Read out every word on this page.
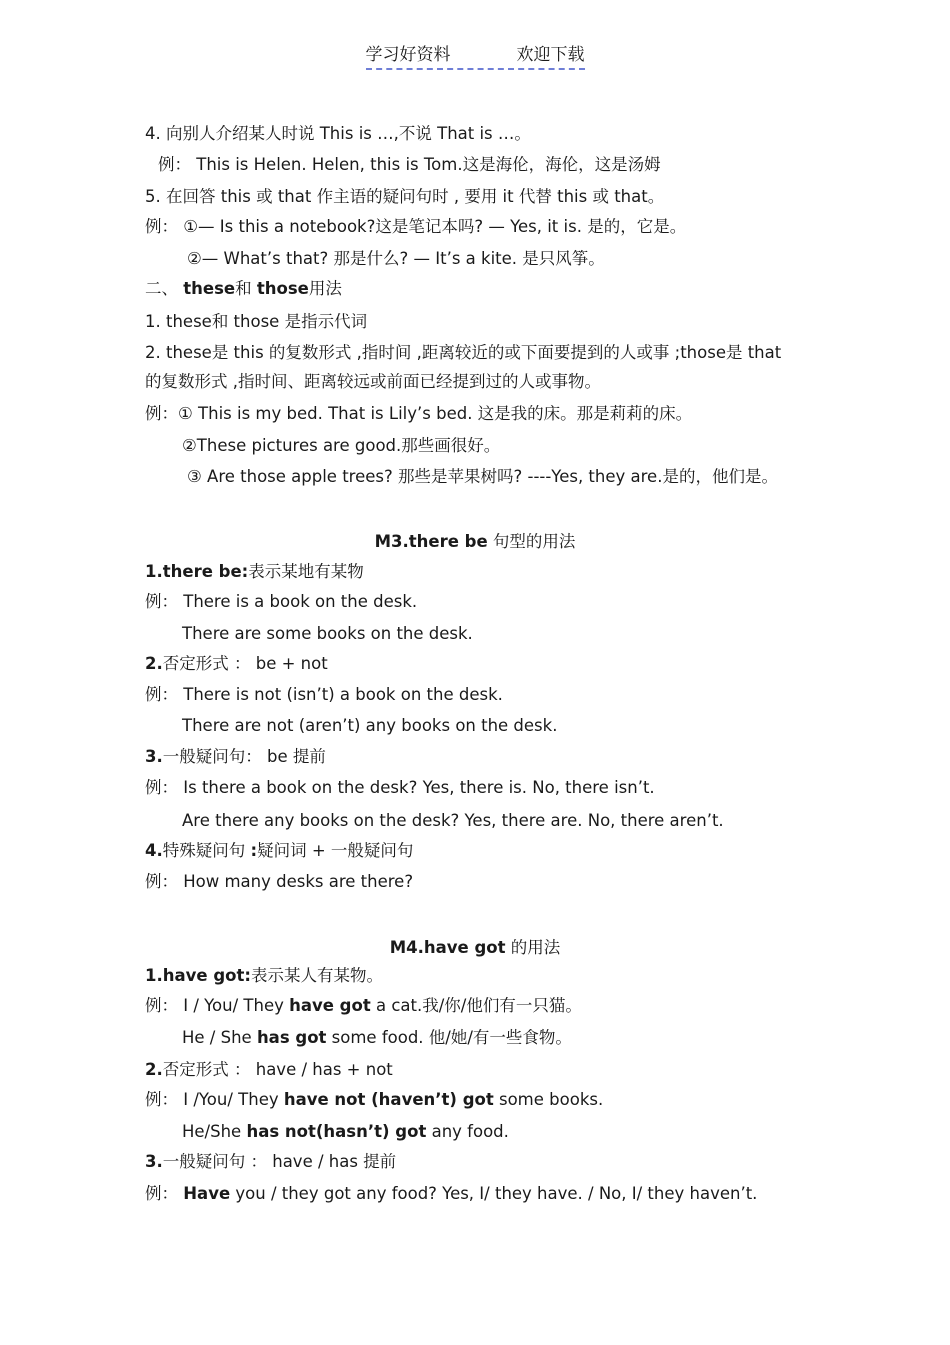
学习好资料	欢迎下载
4. 向别人介绍某人时说 This is …,不说 That is …。
例： This is Helen. Helen, this is Tom.这是海伦，海伦，这是汤姆
5. 在回答 this 或 that 作主语的疑问句时 , 要用 it 代替 this 或 that。
例： ①— Is this a notebook?这是笔记本吗? — Yes, it is. 是的，它是。
②— What’s that? 那是什么? — It’s a kite. 是只风筝。
二、 these和 those用法
1. these和 those 是指示代词
2. these是 this 的复数形式 ,指时间 ,距离较近的或下面要提到的人或事 ;those是 that
的复数形式 ,指时间、距离较远或前面已经提到过的人或事物。
例：① This is my bed. That is Lily’s bed. 这是我的床。那是莉莉的床。
②These pictures are good.那些画很好。
③ Are those apple trees? 那些是苹果树吗? ----Yes, they are.是的，他们是。
M3.there be 句型的用法
1.there be:表示某地有某物
例： There is a book on the desk.
There are some books on the desk.
2.否定形式 ： be + not
例： There is not (isn’t) a book on the desk.
There are not (aren’t) any books on the desk.
3.一般疑问句： be 提前
例： Is there a book on the desk? Yes, there is. No, there isn’t.
Are there any books on the desk? Yes, there are. No, there aren’t.
4.特殊疑问句 :疑问词 + 一般疑问句
例： How many desks are there?
M4.have got 的用法
1.have got:表示某人有某物。
例： I / You/ They have got a cat.我/你/他们有一只猫。
He / She has got some food. 他/她/有一些食物。
2.否定形式 ： have / has + not
例： I /You/ They have not (haven’t) got some books.
He/She has not(hasn’t) got any food.
3.一般疑问句 ： have / has 提前
例： Have you / they got any food? Yes, I/ they have. / No, I/ they haven’t.
